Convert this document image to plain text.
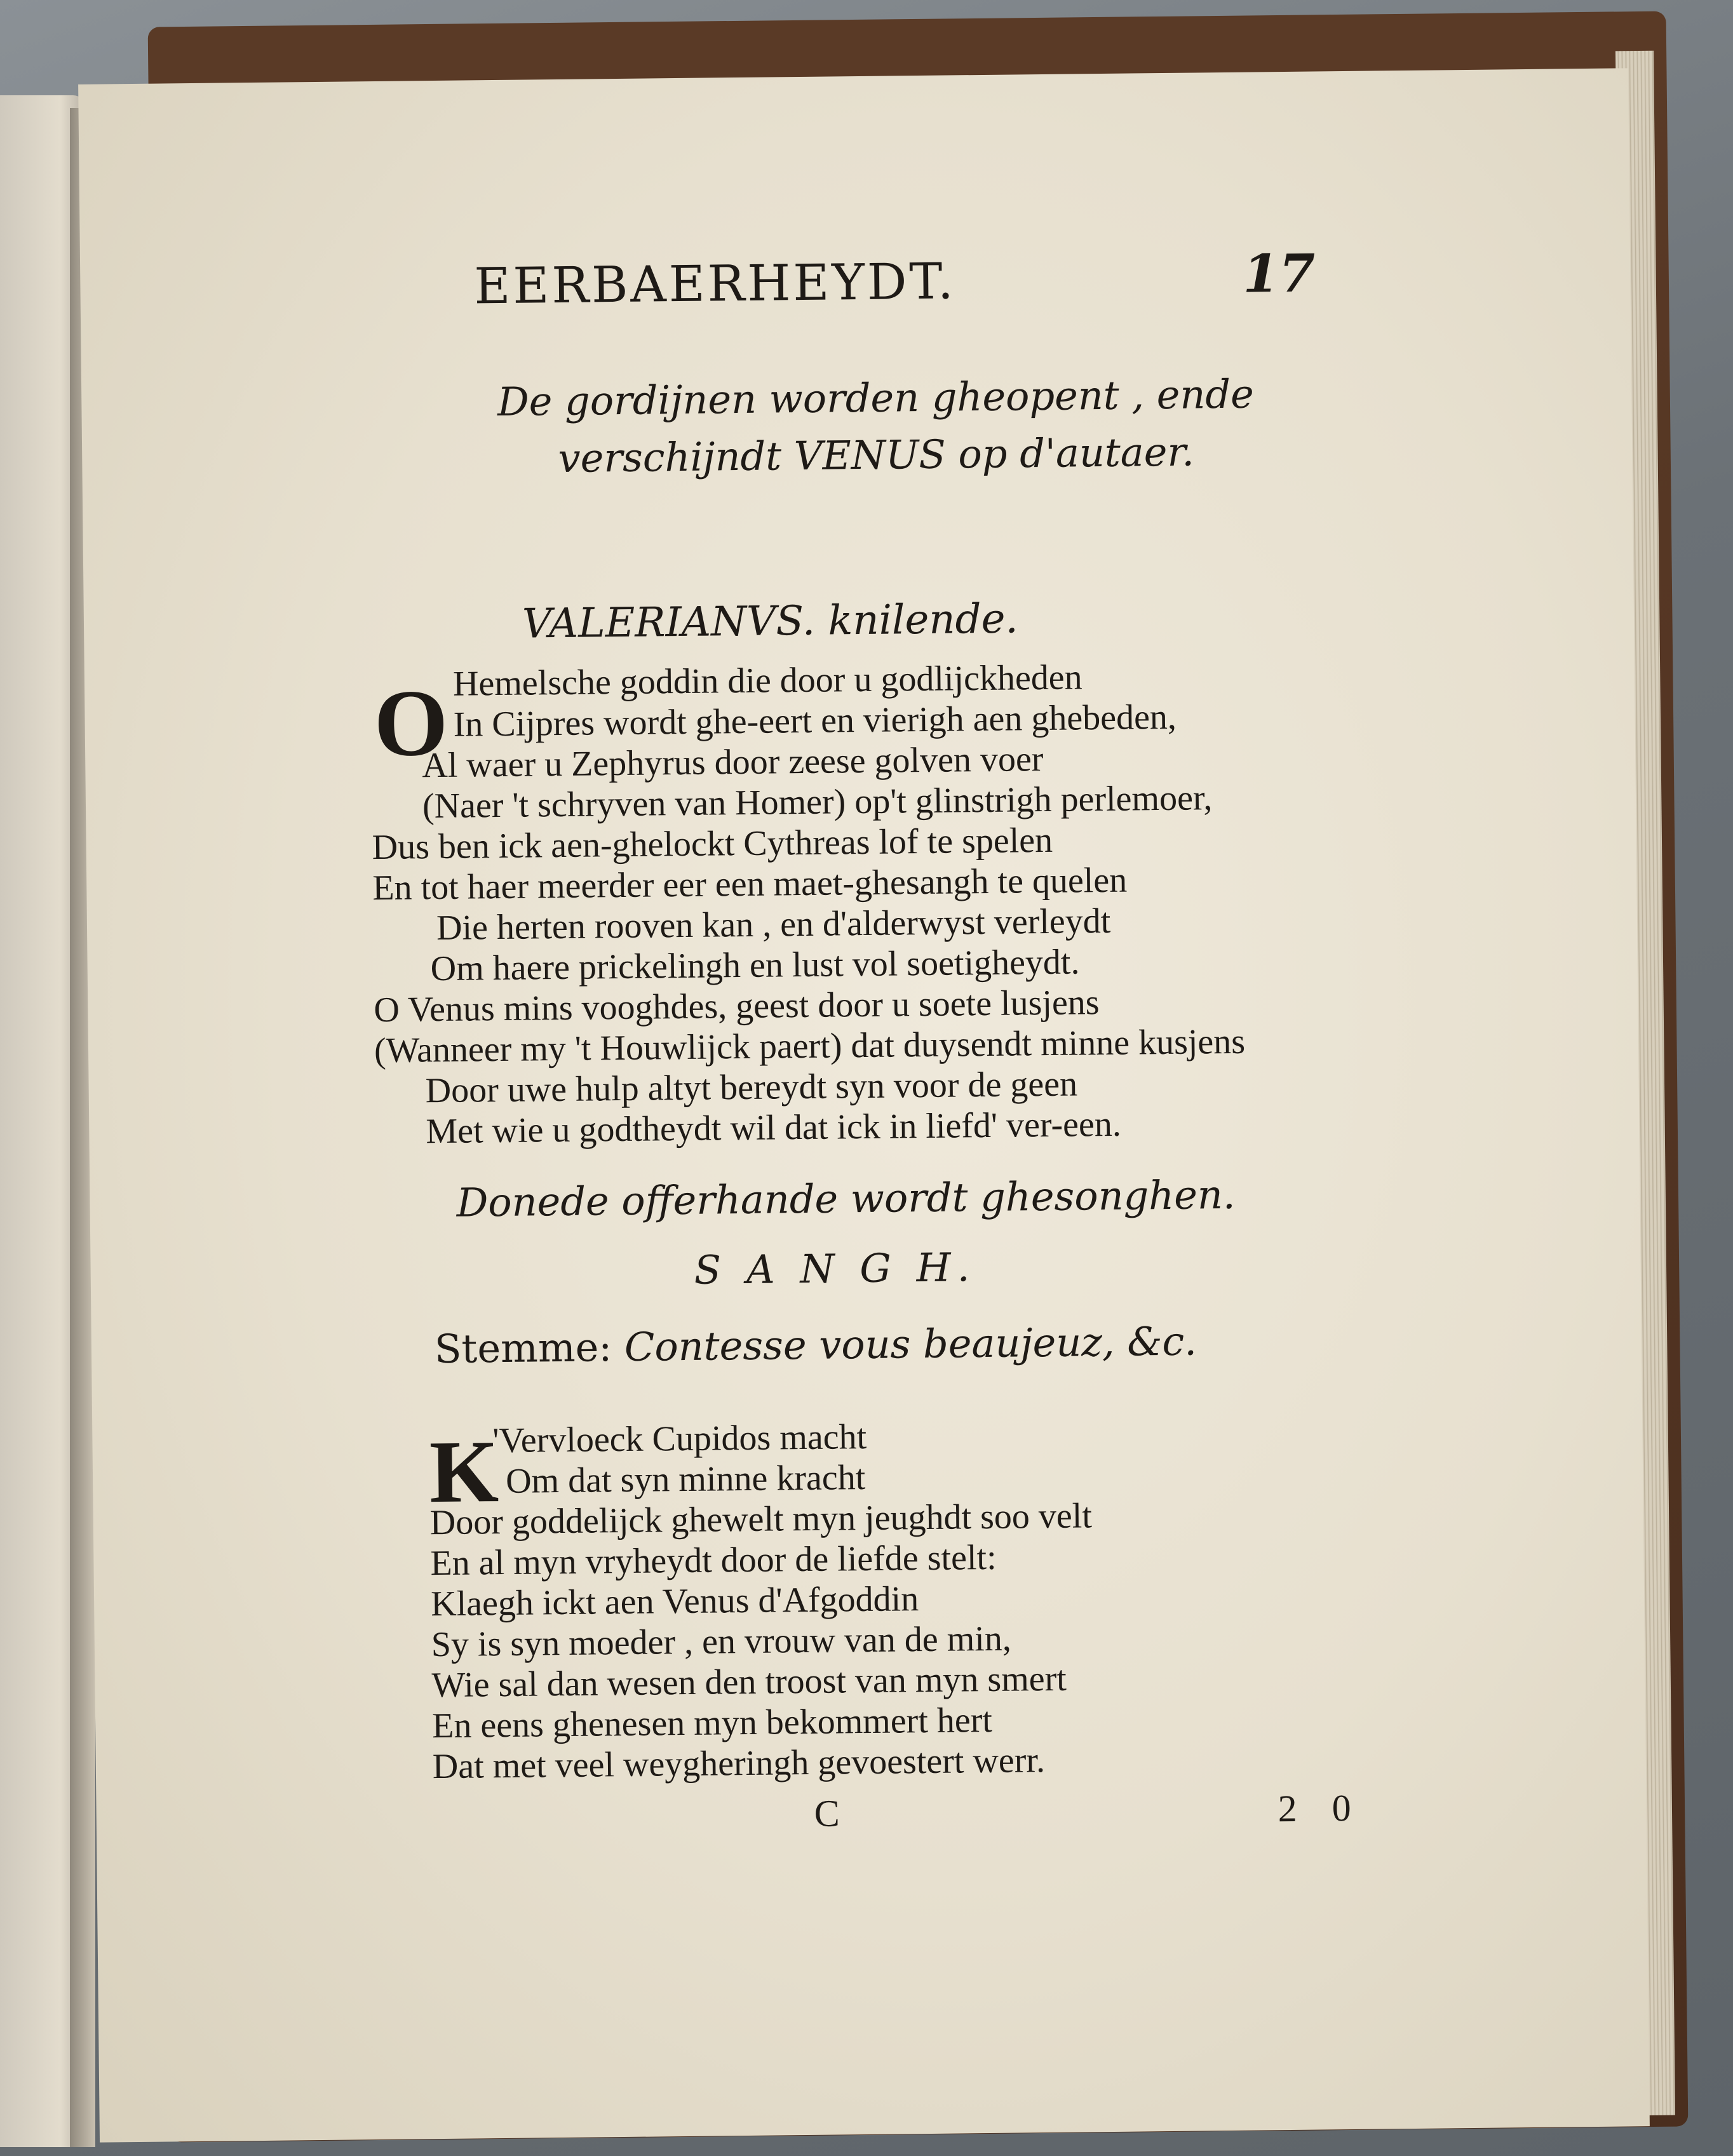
EERBAERHEYDT.	17
De gordijnen worden gheopent , ende
verschijndt VENUS op d'autaer.
VALERIANVS. knilende.
O Hemelsche goddin die door u godlijckheden
In Cijpres wordt ghe-eert en vierigh aen ghebeden,
Al waer u Zephyrus door zeese golven voer
(Naer 't schryven van Homer) op't glinstrigh perlemoer,
Dus ben ick aen-ghelockt Cythreas lof te spelen
En tot haer meerder eer een maet-ghesangh te quelen
Die herten rooven kan , en d'alderwyst verleydt
Om haere prickelingh en lust vol soetigheydt.
O Venus mins vooghdes, geest door u soete lusjens
(Wanneer my 't Houwlijck paert) dat duysendt minne kusjens
Door uwe hulp altyt bereydt syn voor de geen
Met wie u godtheydt wil dat ick in liefd' ver-een.
Donede offerhande wordt ghesonghen.
S A N G H.
Stemme: Contesse vous beaujeuz, &c.
K
'Vervloeck Cupidos macht
Om dat syn minne kracht
Door goddelijck ghewelt myn jeughdt soo velt
En al myn vryheydt door de liefde stelt:
Klaegh ickt aen Venus d'Afgoddin
Sy is syn moeder , en vrouw van de min,
Wie sal dan wesen den troost van myn smert
En eens ghenesen myn bekommert hert
Dat met veel weygheringh gevoestert werr.
C	2 0
